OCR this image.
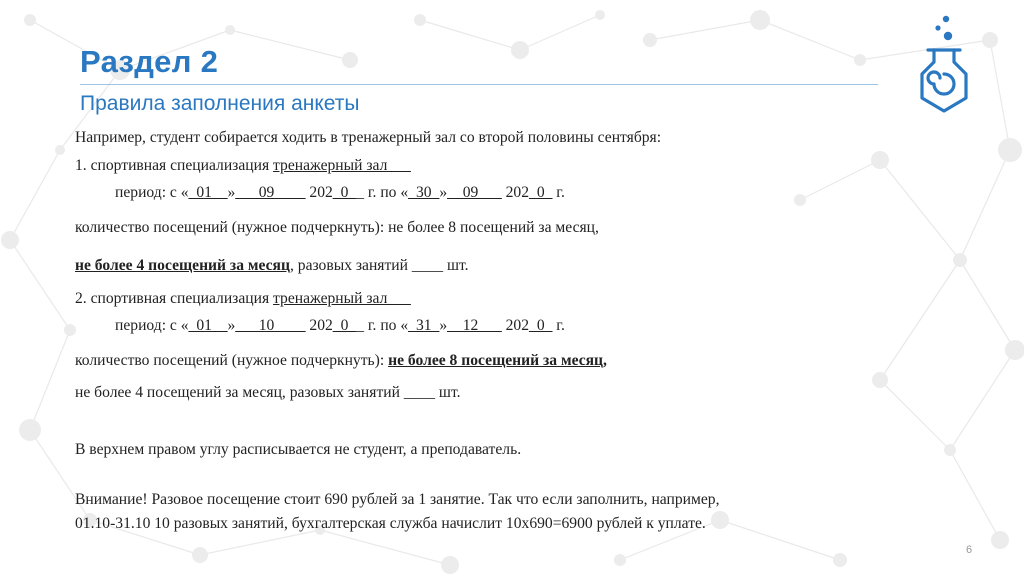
Раздел 2
Правила заполнения анкеты
Например, студент собирается ходить в тренажерный зал со второй половины сентября:
1. спортивная специализация тренажерный зал___
период: с «_01__»___09____ 202_0__ г. по «_30_»__09___ 202_0_ г.
количество посещений (нужное подчеркнуть): не более 8 посещений за месяц,
не более 4 посещений за месяц, разовых занятий ____ шт.
2. спортивная специализация тренажерный зал___
период: с «_01__»___10____ 202_0__ г. по «_31_»__12___ 202_0_ г.
количество посещений (нужное подчеркнуть): не более 8 посещений за месяц,
не более 4 посещений за месяц, разовых занятий ____ шт.
В верхнем правом углу расписывается не студент, а преподаватель.
Внимание! Разовое посещение стоит 690 рублей за 1 занятие. Так что если заполнить, например,
01.10-31.10 10 разовых занятий, бухгалтерская служба начислит 10х690=6900 рублей к уплате.
6
